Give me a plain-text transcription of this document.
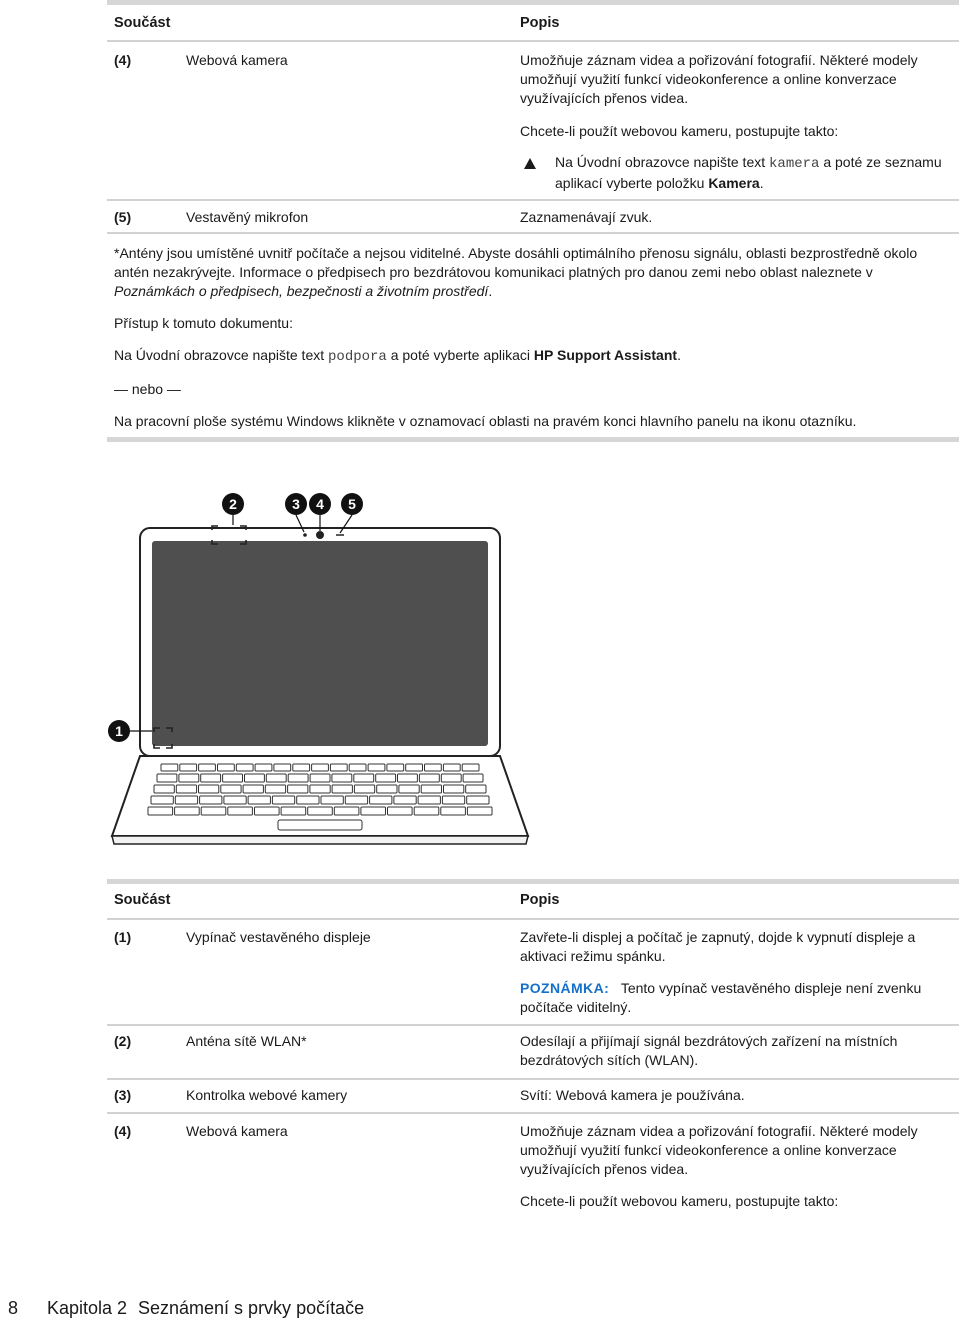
Součást	Popis
(4)	Webová kamera	Umožňuje záznam videa a pořizování fotografií. Některé modely umožňují využití funkcí videokonference a online konverzace využívajících přenos videa.
Chcete-li použít webovou kameru, postupujte takto:
Na Úvodní obrazovce napište text kamera a poté ze seznamu aplikací vyberte položku Kamera.
(5)	Vestavěný mikrofon	Zaznamenávají zvuk.
*Antény jsou umístěné uvnitř počítače a nejsou viditelné. Abyste dosáhli optimálního přenosu signálu, oblasti bezprostředně okolo antén nezakrývejte. Informace o předpisech pro bezdrátovou komunikaci platných pro danou zemi nebo oblast naleznete v Poznámkách o předpisech, bezpečnosti a životním prostředí.
Přístup k tomuto dokumentu:
Na Úvodní obrazovce napište text podpora a poté vyberte aplikaci HP Support Assistant.
— nebo —
Na pracovní ploše systému Windows klikněte v oznamovací oblasti na pravém konci hlavního panelu na ikonu otazníku.
2	3 4 5
1
Součást	Popis
(1)	Vypínač vestavěného displeje	Zavřete-li displej a počítač je zapnutý, dojde k vypnutí displeje a aktivaci režimu spánku.
POZNÁMKA: Tento vypínač vestavěného displeje není zvenku počítače viditelný.
(2)	Anténa sítě WLAN*	Odesílají a přijímají signál bezdrátových zařízení na místních bezdrátových sítích (WLAN).
(3)	Kontrolka webové kamery	Svítí: Webová kamera je používána.
(4)	Webová kamera	Umožňuje záznam videa a pořizování fotografií. Některé modely umožňují využití funkcí videokonference a online konverzace využívajících přenos videa.
Chcete-li použít webovou kameru, postupujte takto:
8 Kapitola 2 Seznámení s prvky počítače
